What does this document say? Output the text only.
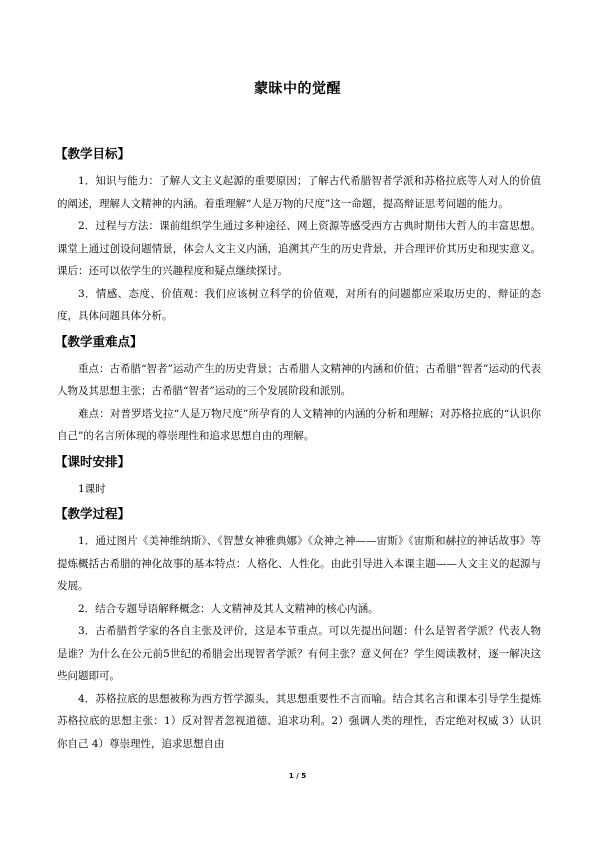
蒙昧中的觉醒
【教学目标】

1．知识与能力：了解人文主义起源的重要原因；了解古代希腊智者学派和苏格拉底等人对人的价值的阐述，理解人文精神的内涵。着重理解“人是万物的尺度”这一命题，提高辩证思考问题的能力。

2．过程与方法：课前组织学生通过多种途径、网上资源等感受西方古典时期伟大哲人的丰富思想。课堂上通过创设问题情景，体会人文主义内涵，追溯其产生的历史背景，并合理评价其历史和现实意义。课后：还可以依学生的兴趣程度和疑点继续探讨。

3．情感、态度、价值观：我们应该树立科学的价值观，对所有的问题都应采取历史的、辩证的态度，具体问题具体分析。

【教学重难点】

重点：古希腊“智者”运动产生的历史背景；古希腊人文精神的内涵和价值；古希腊“智者”运动的代表人物及其思想主张；古希腊“智者”运动的三个发展阶段和派别。

难点：对普罗塔戈拉“人是万物尺度”所孕育的人文精神的内涵的分析和理解；对苏格拉底的“认识你自己”的名言所体现的尊崇理性和追求思想自由的理解。

【课时安排】

1课时

【教学过程】

1．通过图片《美神维纳斯》、《智慧女神雅典娜》《众神之神——宙斯》《宙斯和赫拉的神话故事》等提炼概括古希腊的神化故事的基本特点：人格化、人性化。由此引导进入本课主题——人文主义的起源与发展。

2．结合专题导语解释概念：人文精神及其人文精神的核心内涵。

3．古希腊哲学家的各自主张及评价，这是本节重点。可以先提出问题：什么是智者学派？代表人物是谁？为什么在公元前5世纪的希腊会出现智者学派？有何主张？意义何在？学生阅读教材，逐一解决这些问题即可。

4．苏格拉底的思想被称为西方哲学源头，其思想重要性不言而喻。结合其名言和课本引导学生提炼苏格拉底的思想主张：1）反对智者忽视道德、追求功利。2）强调人类的理性，否定绝对权威 3）认识你自己 4）尊崇理性，追求思想自由

1 / 5
